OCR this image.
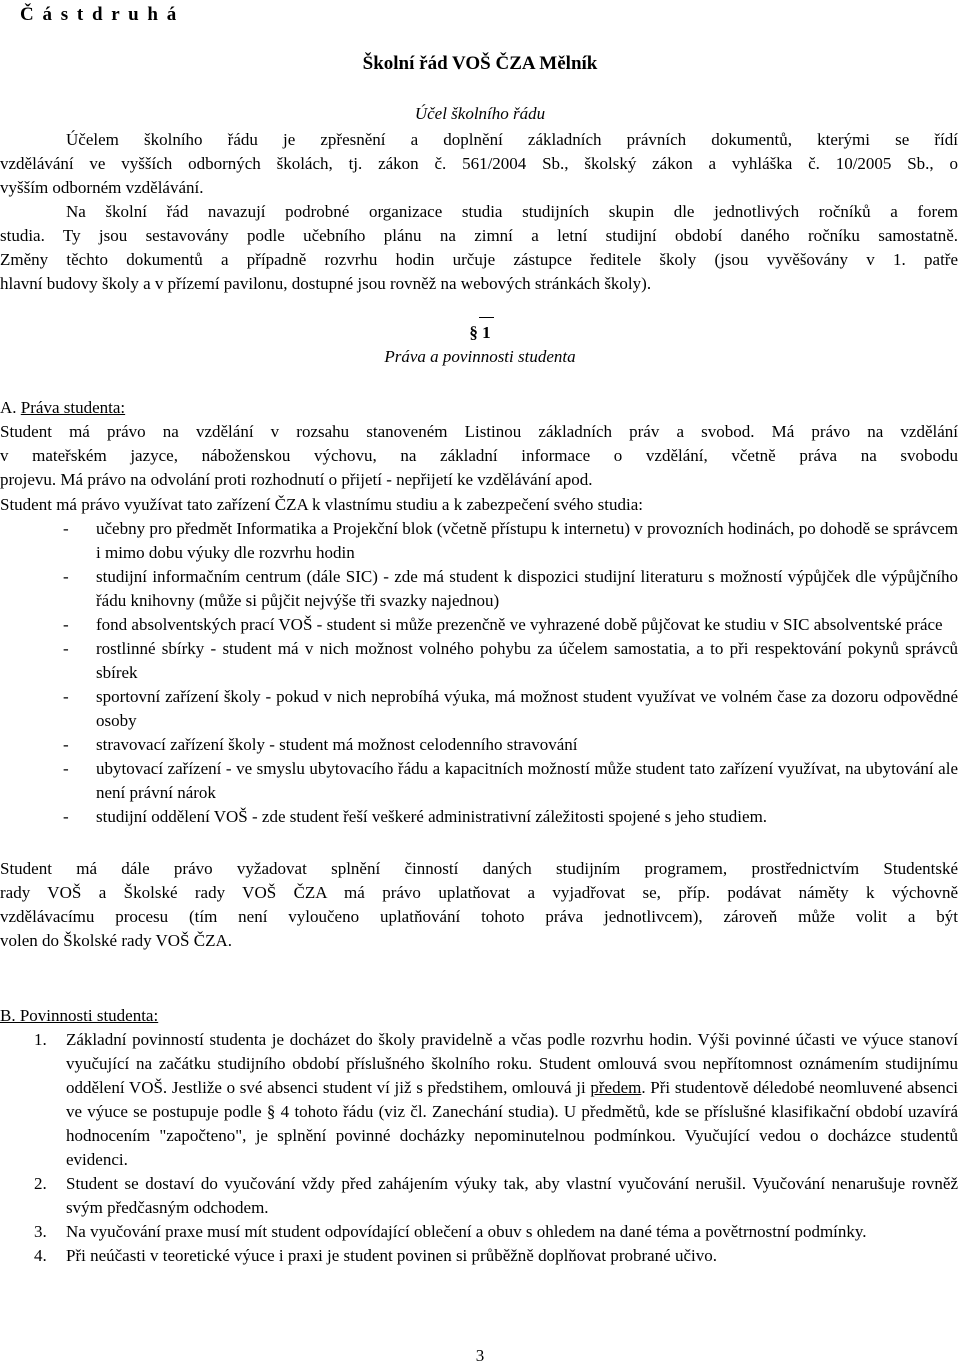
Č á s t d r u h á
Školní řád VOŠ ČZA Mělník
Účel školního řádu
Účelem školního řádu je zpřesnění a doplnění základních právních dokumentů, kterými se řídí
vzdělávání ve vyšších odborných školách, tj. zákon č. 561/2004 Sb., školský zákon a vyhláška č. 10/2005 Sb., o
vyšším odborném vzdělávání.
Na školní řád navazují podrobné organizace studia studijních skupin dle jednotlivých ročníků a forem
studia. Ty jsou sestavovány podle učebního plánu na zimní a letní studijní období daného ročníku samostatně.
Změny těchto dokumentů a případně rozvrhu hodin určuje zástupce ředitele školy (jsou vyvěšovány v 1. patře
hlavní budovy školy a v přízemí pavilonu, dostupné jsou rovněž na webových stránkách školy).
§ 1
Práva a povinnosti studenta
A. Práva studenta:
Student má právo na vzdělání v rozsahu stanoveném Listinou základních práv a svobod. Má právo na vzdělání
v mateřském jazyce, náboženskou výchovu, na základní informace o vzdělání, včetně práva na svobodu
projevu. Má právo na odvolání proti rozhodnutí o přijetí - nepřijetí ke vzdělávání apod.
Student má právo využívat tato zařízení ČZA k vlastnímu studiu a k zabezpečení svého studia:
- učebny pro předmět Informatika a Projekční blok (včetně přístupu k internetu) v provozních hodinách, po dohodě se správcem i mimo dobu výuky dle rozvrhu hodin
- studijní informačním centrum (dále SIC) - zde má student k dispozici studijní literaturu s možností výpůjček dle výpůjčního řádu knihovny (může si půjčit nejvýše tři svazky najednou)
- fond absolventských prací VOŠ - student si může prezenčně ve vyhrazené době půjčovat ke studiu v SIC absolventské práce
- rostlinné sbírky - student má v nich možnost volného pohybu za účelem samostatia, a to při respektování pokynů správců sbírek
- sportovní zařízení školy - pokud v nich neprobíhá výuka, má možnost student využívat ve volném čase za dozoru odpovědné osoby
- stravovací zařízení školy - student má možnost celodenního stravování
- ubytovací zařízení - ve smyslu ubytovacího řádu a kapacitních možností může student tato zařízení využívat, na ubytování ale není právní nárok
- studijní oddělení VOŠ - zde student řeší veškeré administrativní záležitosti spojené s jeho studiem.
Student má dále právo vyžadovat splnění činností daných studijním programem, prostřednictvím Studentské
rady VOŠ a Školské rady VOŠ ČZA má právo uplatňovat a vyjadřovat se, příp. podávat náměty k výchovně
vzdělávacímu procesu (tím není vyloučeno uplatňování tohoto práva jednotlivcem), zároveň může volit a být
volen do Školské rady VOŠ ČZA.
B. Povinnosti studenta:
1. Základní povinností studenta je docházet do školy pravidelně a včas podle rozvrhu hodin. Výši povinné účasti ve výuce stanoví vyučující na začátku studijního období příslušného školního roku. Student omlouvá svou nepřítomnost oznámením studijnímu oddělení VOŠ. Jestliže o své absenci student ví již s předstihem, omlouvá ji předem. Při studentově déledobé neomluvené absenci ve výuce se postupuje podle § 4 tohoto řádu (viz čl. Zanechání studia). U předmětů, kde se příslušné klasifikační období uzavírá hodnocením "započteno", je splnění povinné docházky nepominutelnou podmínkou. Vyučující vedou o docházce studentů evidenci.
2. Student se dostaví do vyučování vždy před zahájením výuky tak, aby vlastní vyučování nerušil. Vyučování nenarušuje rovněž svým předčasným odchodem.
3. Na vyučování praxe musí mít student odpovídající oblečení a obuv s ohledem na dané téma a povětrnostní podmínky.
4. Při neúčasti v teoretické výuce i praxi je student povinen si průběžně doplňovat probrané učivo.
3
